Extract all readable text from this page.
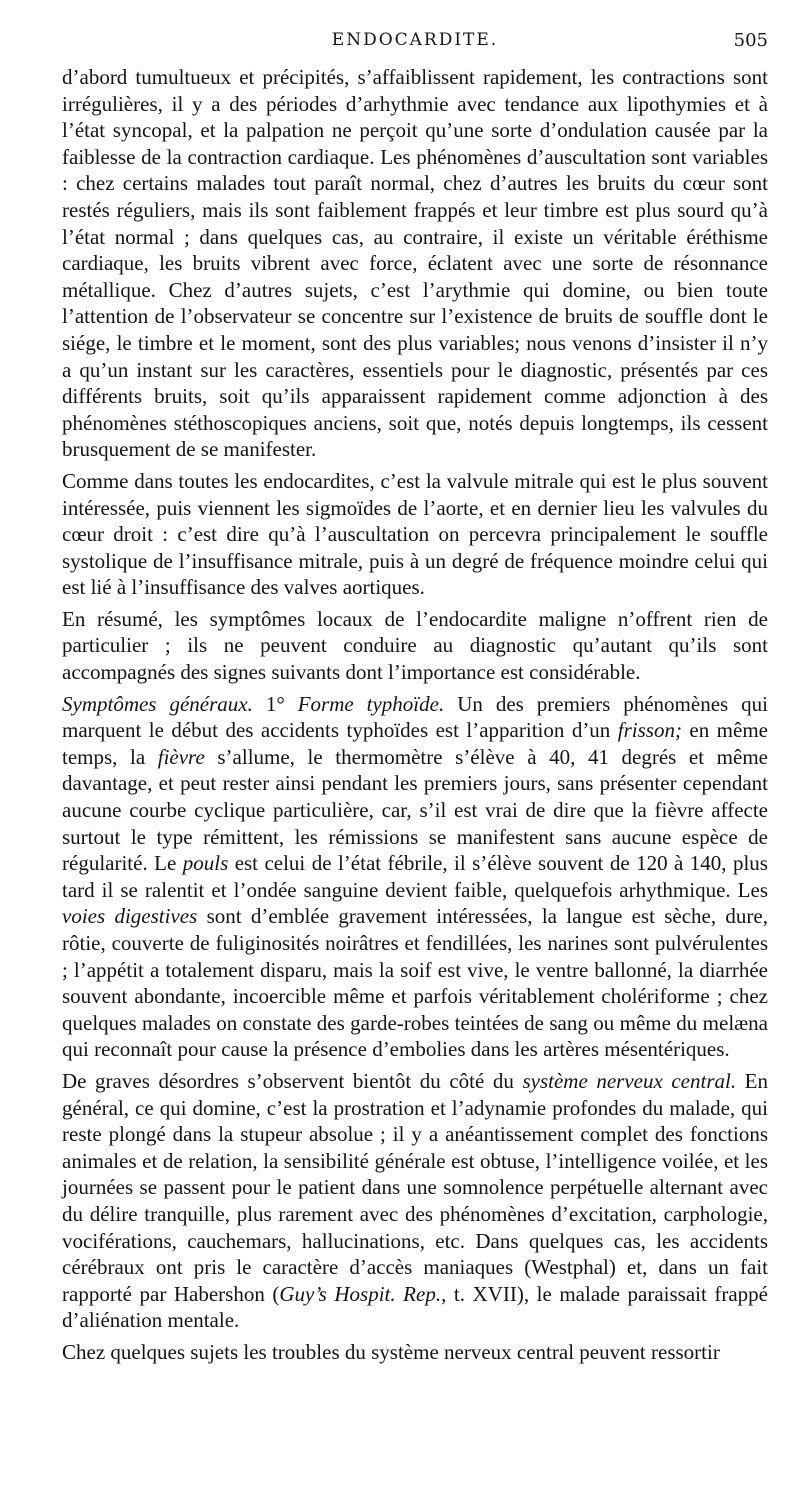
ENDOCARDITE.	505

d’abord tumultueux et précipités, s’affaiblissent rapidement, les contractions sont irrégulières, il y a des périodes d’arhythmie avec tendance aux lipothymies et à l’état syncopal, et la palpation ne perçoit qu’une sorte d’ondulation causée par la faiblesse de la contraction cardiaque. Les phénomènes d’auscultation sont variables : chez certains malades tout paraît normal, chez d’autres les bruits du cœur sont restés réguliers, mais ils sont faiblement frappés et leur timbre est plus sourd qu’à l’état normal ; dans quelques cas, au contraire, il existe un véritable éréthisme cardiaque, les bruits vibrent avec force, éclatent avec une sorte de résonnance métallique. Chez d’autres sujets, c’est l’arythmie qui domine, ou bien toute l’attention de l’observateur se concentre sur l’existence de bruits de souffle dont le siége, le timbre et le moment, sont des plus variables; nous venons d’insister il n’y a qu’un instant sur les caractères, essentiels pour le diagnostic, présentés par ces différents bruits, soit qu’ils apparaissent rapidement comme adjonction à des phénomènes stéthoscopiques anciens, soit que, notés depuis longtemps, ils cessent brusquement de se manifester.

Comme dans toutes les endocardites, c’est la valvule mitrale qui est le plus souvent intéressée, puis viennent les sigmoïdes de l’aorte, et en dernier lieu les valvules du cœur droit : c’est dire qu’à l’auscultation on percevra principalement le souffle systolique de l’insuffisance mitrale, puis à un degré de fréquence moindre celui qui est lié à l’insuffisance des valves aortiques.

En résumé, les symptômes locaux de l’endocardite maligne n’offrent rien de particulier ; ils ne peuvent conduire au diagnostic qu’autant qu’ils sont accompagnés des signes suivants dont l’importance est considérable.

Symptômes généraux. 1° Forme typhoïde. Un des premiers phénomènes qui marquent le début des accidents typhoïdes est l’apparition d’un frisson; en même temps, la fièvre s’allume, le thermomètre s’élève à 40, 41 degrés et même davantage, et peut rester ainsi pendant les premiers jours, sans présenter cependant aucune courbe cyclique particulière, car, s’il est vrai de dire que la fièvre affecte surtout le type rémittent, les rémissions se manifestent sans aucune espèce de régularité. Le pouls est celui de l’état fébrile, il s’élève souvent de 120 à 140, plus tard il se ralentit et l’ondée sanguine devient faible, quelquefois arhythmique. Les voies digestives sont d’emblée gravement intéressées, la langue est sèche, dure, rôtie, couverte de fuliginosités noirâtres et fendillées, les narines sont pulvérulentes ; l’appétit a totalement disparu, mais la soif est vive, le ventre ballonné, la diarrhée souvent abondante, incoercible même et parfois véritablement cholériforme ; chez quelques malades on constate des garde-robes teintées de sang ou même du melæna qui reconnaît pour cause la présence d’embolies dans les artères mésentériques.

De graves désordres s’observent bientôt du côté du système nerveux central. En général, ce qui domine, c’est la prostration et l’adynamie profondes du malade, qui reste plongé dans la stupeur absolue ; il y a anéantissement complet des fonctions animales et de relation, la sensibilité générale est obtuse, l’intelligence voilée, et les journées se passent pour le patient dans une somnolence perpétuelle alternant avec du délire tranquille, plus rarement avec des phénomènes d’excitation, carphologie, vociférations, cauchemars, hallucinations, etc. Dans quelques cas, les accidents cérébraux ont pris le caractère d’accès maniaques (Westphal) et, dans un fait rapporté par Habershon (Guy’s Hospit. Rep., t. XVII), le malade paraissait frappé d’aliénation mentale.

Chez quelques sujets les troubles du système nerveux central peuvent ressortir
